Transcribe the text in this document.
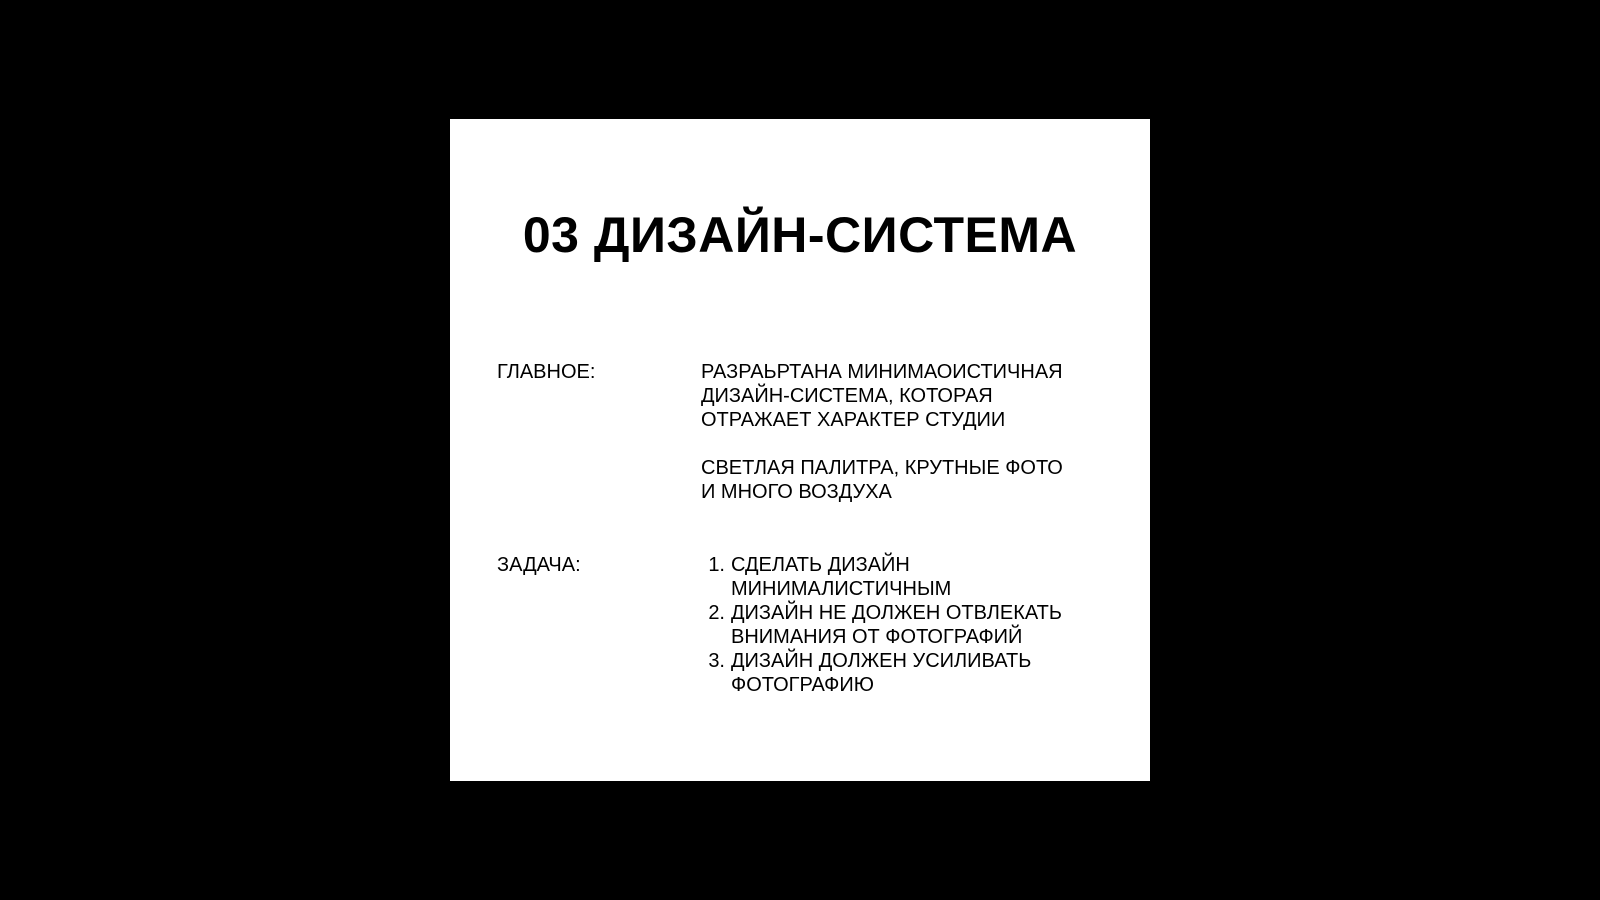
03 ДИЗАЙН-СИСТЕМА
ГЛАВНОЕ:	РАЗРАЬРТАНА МИНИМАОИСТИЧНАЯ
ДИЗАЙН-СИСТЕМА, КОТОРАЯ
ОТРАЖАЕТ ХАРАКТЕР СТУДИИ

СВЕТЛАЯ ПАЛИТРА, КРУТНЫЕ ФОТО
И МНОГО ВОЗДУХА

ЗАДАЧА:	1. СДЕЛАТЬ ДИЗАЙН
МИНИМАЛИСТИЧНЫМ
2. ДИЗАЙН НЕ ДОЛЖЕН ОТВЛЕКАТЬ
ВНИМАНИЯ ОТ ФОТОГРАФИЙ
3. ДИЗАЙН ДОЛЖЕН УСИЛИВАТЬ
ФОТОГРАФИЮ
